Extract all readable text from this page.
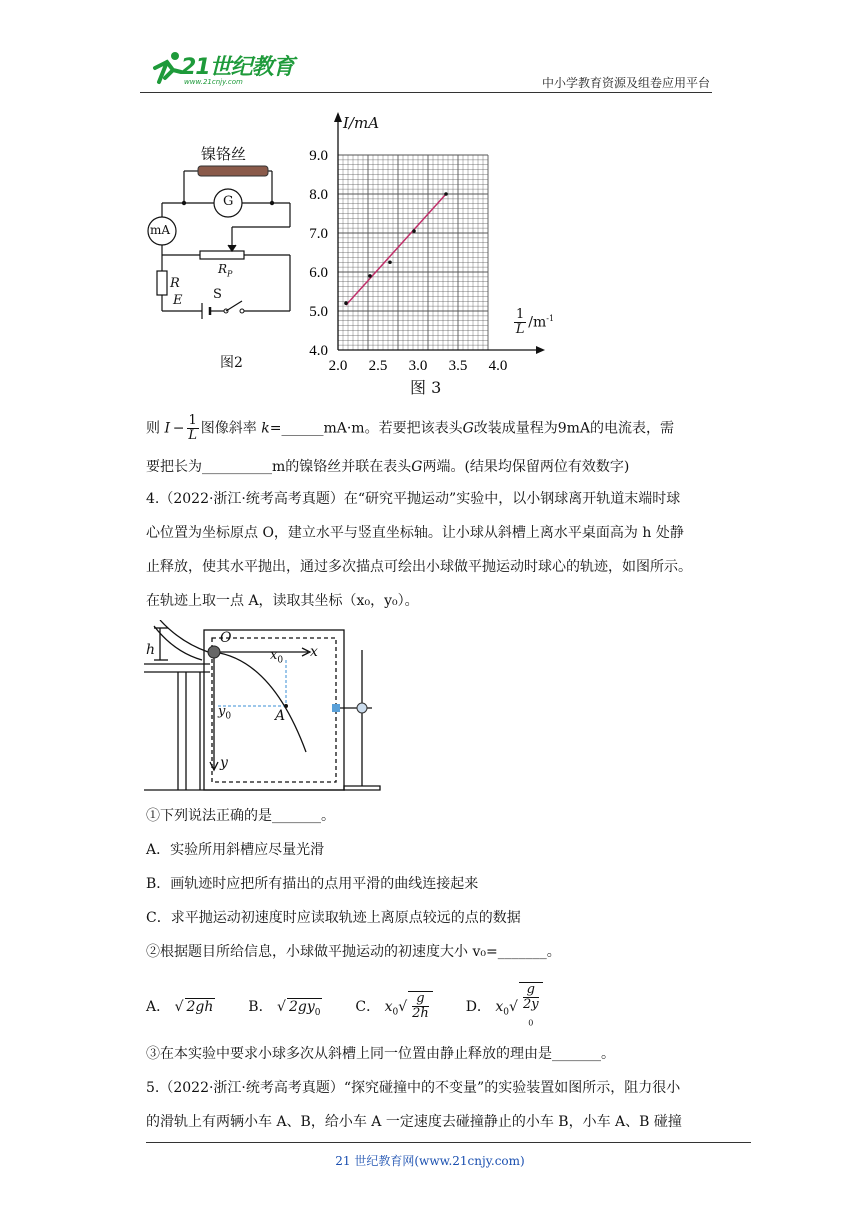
21世纪教育
www.21cnjy.com	中小学教育资源及组卷应用平台
镍铬丝
G
mA
$R_P$
R
E S
图2
9.0
8.0
7.0
6.0
5.0
4.0
2.0 2.5 3.0 3.5 4.0
I/mA
$\frac{1}{L} /m^{-1}$
图 3
则 $I - \frac{1}{L}$ 图像斜率 k=______mA·m。若要把该表头G改装成量程为9mA的电流表，需
要把长为__________m的镍铬丝并联在表头G两端。(结果均保留两位有效数字)
4.（2022·浙江·统考高考真题）在“研究平抛运动”实验中，以小钢球离开轨道末端时球
心位置为坐标原点 O，建立水平与竖直坐标轴。让小球从斜槽上离水平桌面高为 h 处静
止释放，使其水平抛出，通过多次描点可绘出小球做平抛运动时球心的轨迹，如图所示。
在轨迹上取一点 A，读取其坐标（x₀，y₀）。
h
O
$x_0$
x
$y_0$	A
y
①下列说法正确的是_______。
A．实验所用斜槽应尽量光滑
B．画轨迹时应把所有描出的点用平滑的曲线连接起来
C．求平抛运动初速度时应读取轨迹上离原点较远的点的数据
②根据题目所给信息，小球做平抛运动的初速度大小 v₀=_______。
A． √ 2gh B． √ $2gy_0$ C． $x_0√ \frac{g}{2h}$	D． $x_0√$ g
2y
$_0$
③在本实验中要求小球多次从斜槽上同一位置由静止释放的理由是_______。
5.（2022·浙江·统考高考真题）“探究碰撞中的不变量”的实验装置如图所示，阻力很小
的滑轨上有两辆小车 A、B，给小车 A 一定速度去碰撞静止的小车 B，小车 A、B 碰撞
21 世纪教育网(www.21cnjy.com)
